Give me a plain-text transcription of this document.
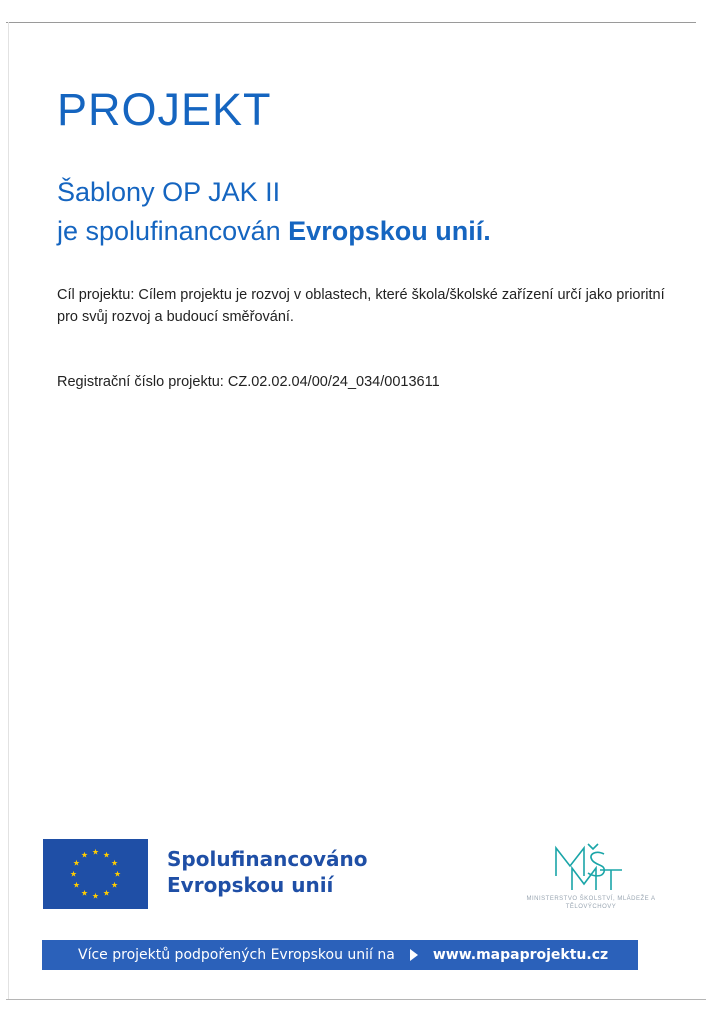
PROJEKT
Šablony OP JAK II
je spolufinancován Evropskou unií.
Cíl projektu: Cílem projektu je rozvoj v oblastech, které škola/školské zařízení určí jako prioritní pro svůj rozvoj a budoucí směřování.
Registrační číslo projektu: CZ.02.02.04/00/24_034/0013611
Spolufinancováno
Evropskou unií
MINISTERSTVO ŠKOLSTVÍ, MLÁDEŽE A TĚLOVÝCHOVY
Více projektů podpořených Evropskou unií na	www.mapaprojektu.cz
